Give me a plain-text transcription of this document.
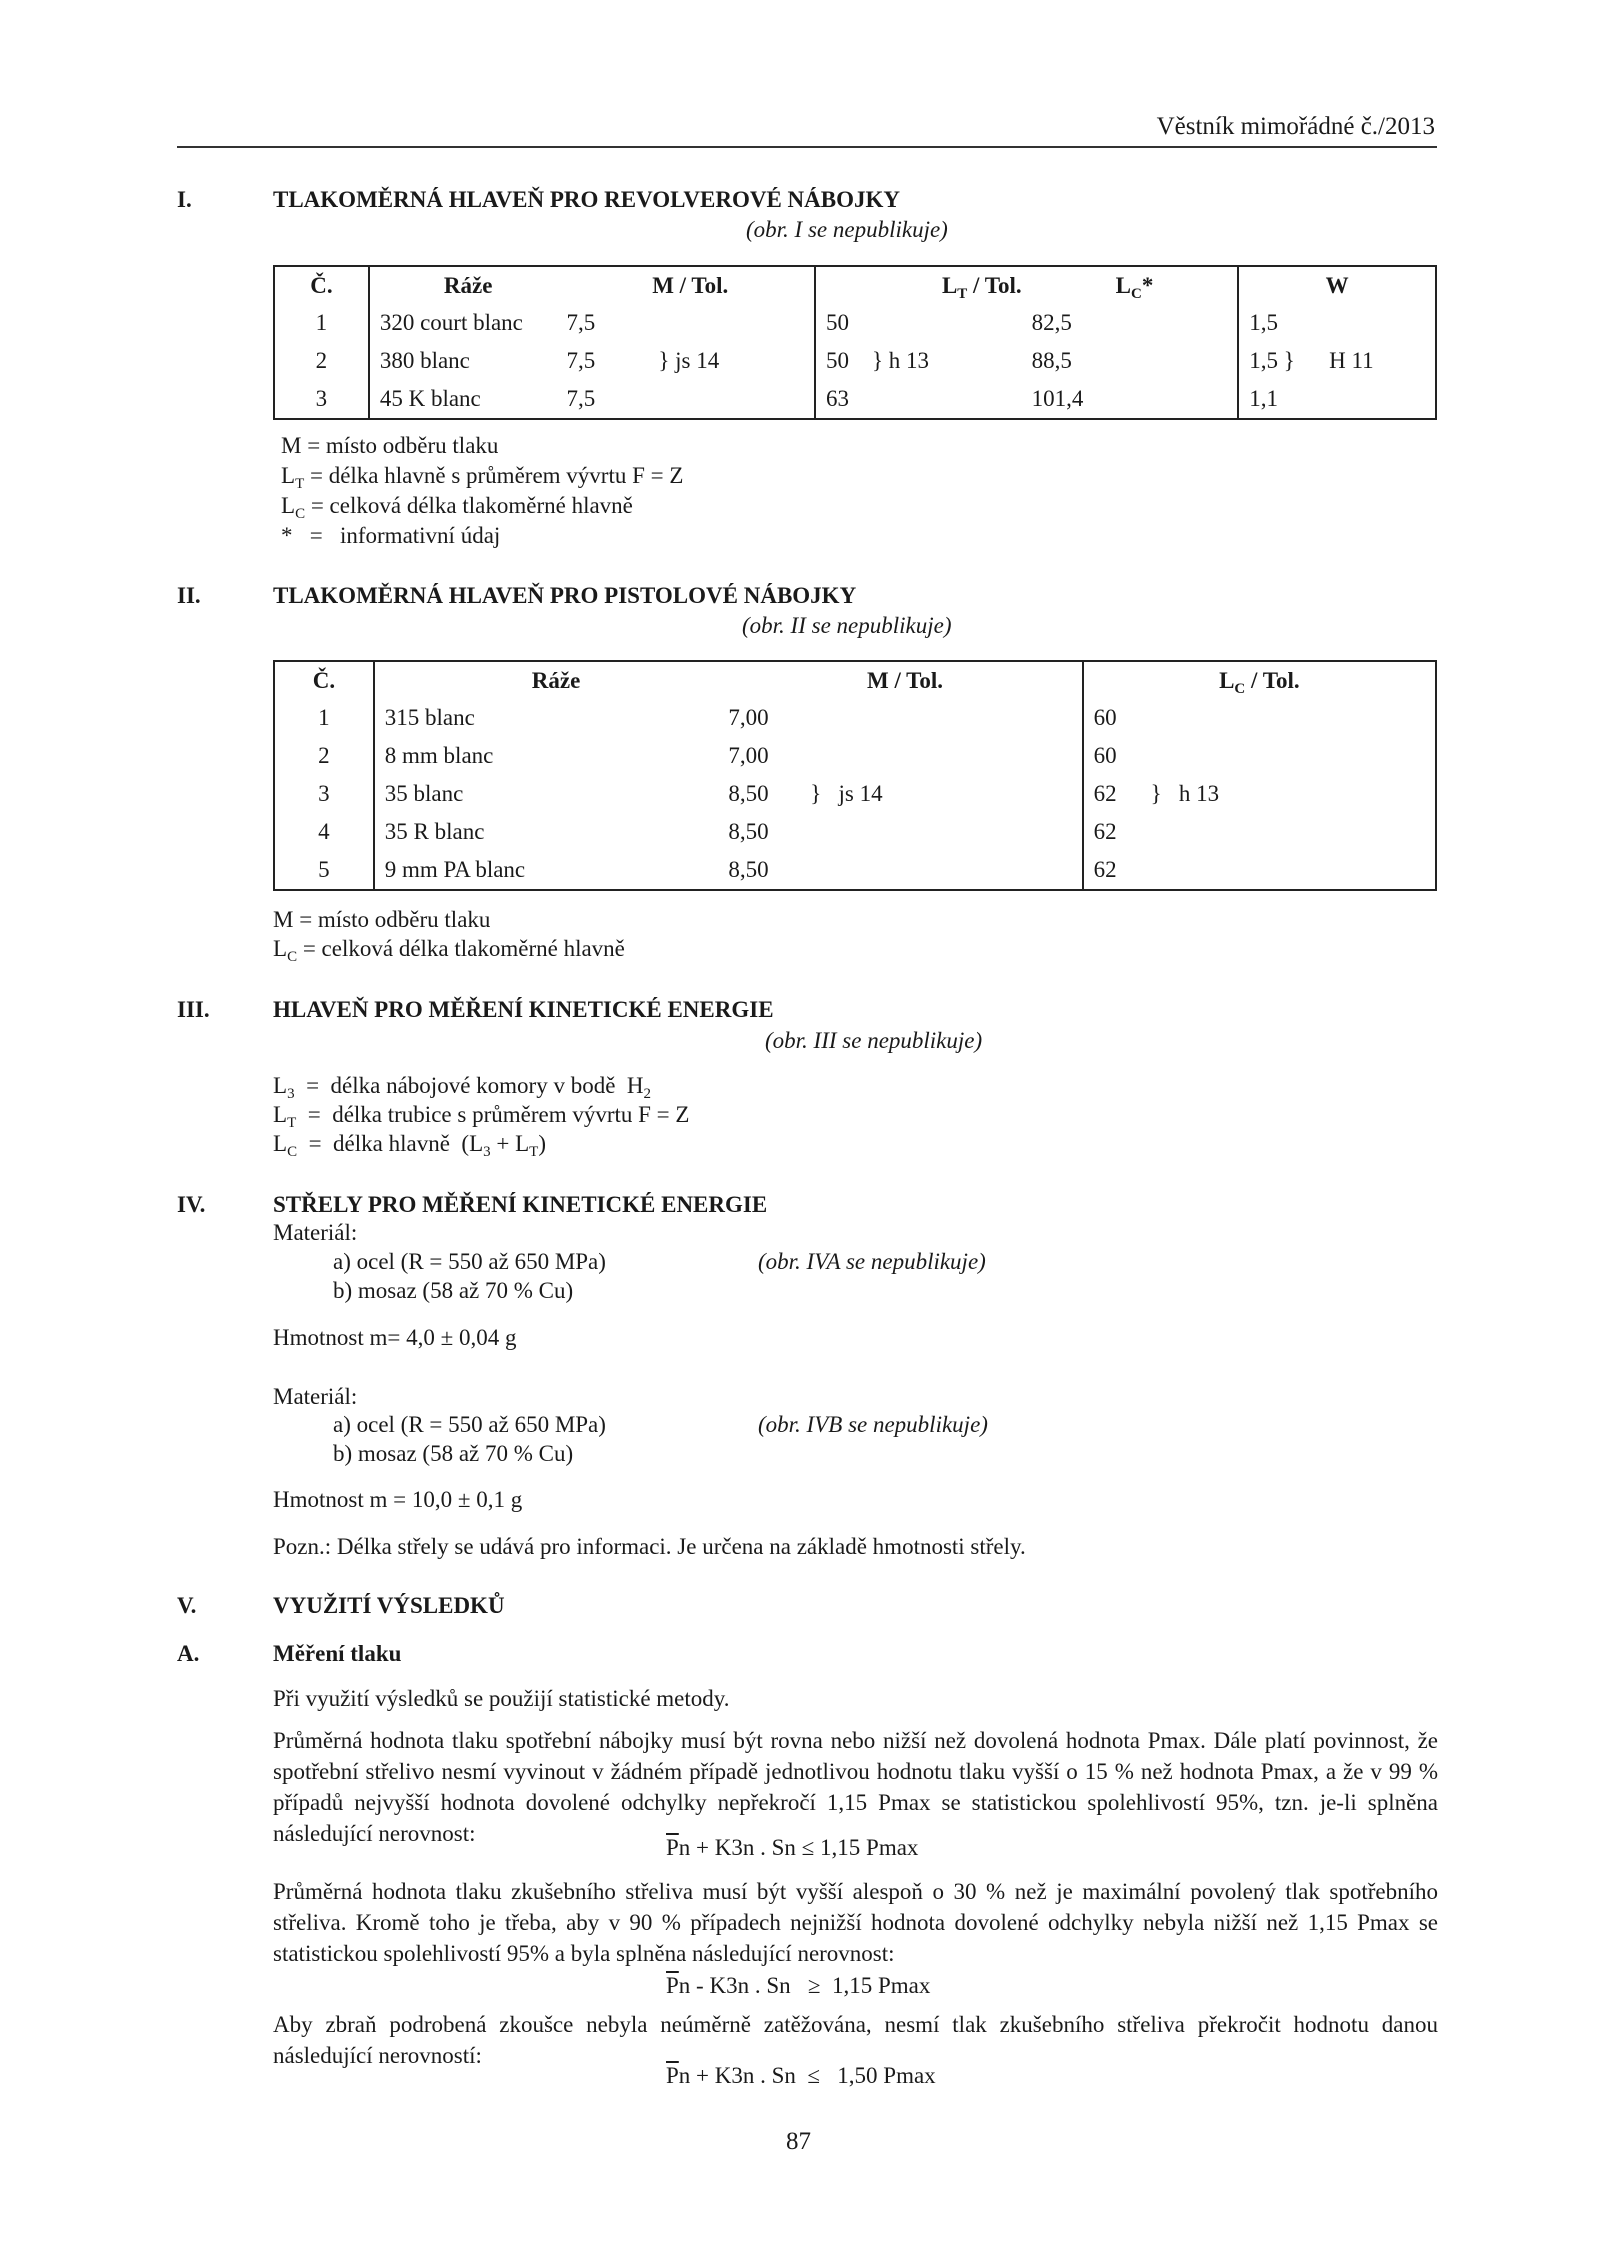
Věstník mimořádné č./2013
I.	TLAKOMĚRNÁ HLAVEŇ PRO REVOLVEROVÉ NÁBOJKY
(obr. I se nepublikuje)
Č.	Ráže	M / Tol.		$L_T$ / Tol.	$L_C*$	W	
1	320 court blanc	7,5		50	82,5	1,5	
2	380 blanc	7,5	} js 14	50 } h 13	88,5	1,5 }	H 11
3	45 K blanc	7,5		63	101,4	1,1	
M = místo odběru tlaku
$L_T$ = délka hlavně s průměrem vývrtu F = Z
$L_C$ = celková délka tlakoměrné hlavně
*   =   informativní údaj
II.	TLAKOMĚRNÁ HLAVEŇ PRO PISTOLOVÉ NÁBOJKY
(obr. II se nepublikuje)
Č.	Ráže	M / Tol.		$L_C$ / Tol.	
1	315 blanc	7,00		60	
2	8 mm blanc	7,00		60	
3	35 blanc	8,50	}   js 14	62	}   h 13
4	35 R blanc	8,50		62	
5	9 mm PA blanc	8,50		62	
M = místo odběru tlaku
$L_C$ = celková délka tlakoměrné hlavně
III.	HLAVEŇ PRO MĚŘENÍ KINETICKÉ ENERGIE
(obr. III se nepublikuje)
$L_3$  =  délka nábojové komory v bodě  $H_2$
$L_T$  =  délka trubice s průměrem vývrtu F = Z
$L_C$  =  délka hlavně  $(L_3 + L_T)$
IV.	STŘELY PRO MĚŘENÍ KINETICKÉ ENERGIE
Materiál:
a) ocel (R = 550 až 650 MPa)	(obr. IVA se nepublikuje)
b) mosaz (58 až 70 % Cu)
Hmotnost m= 4,0 ± 0,04 g
Materiál:
a) ocel (R = 550 až 650 MPa)	(obr. IVB se nepublikuje)
b) mosaz (58 až 70 % Cu)
Hmotnost m = 10,0 ± 0,1 g
Pozn.: Délka střely se udává pro informaci. Je určena na základě hmotnosti střely.
V.	VYUŽITÍ VÝSLEDKŮ
A.	Měření tlaku
Při využití výsledků se použijí statistické metody.
Průměrná hodnota tlaku spotřební nábojky musí být rovna nebo nižší než dovolená hodnota Pmax. Dále platí povinnost, že spotřební střelivo nesmí vyvinout v žádném případě jednotlivou hodnotu tlaku vyšší o 15 % než hodnota Pmax, a že v 99 % případů nejvyšší hodnota dovolené odchylky nepřekročí 1,15 Pmax se statistickou spolehlivostí 95%, tzn. je-li splněna následující nerovnost:
$\overline{P}n + K3n$ . Sn ≤ 1,15 Pmax
Průměrná hodnota tlaku zkušebního střeliva musí být vyšší alespoň o 30 % než je maximální povolený tlak spotřebního střeliva. Kromě toho je třeba, aby v 90 % případech nejnižší hodnota dovolené odchylky nebyla nižší než 1,15 Pmax se statistickou spolehlivostí 95% a byla splněna následující nerovnost:
$\overline{P}n - K3n$ . Sn   ≥  1,15 Pmax
Aby zbraň podrobená zkoušce nebyla neúměrně zatěžována, nesmí tlak zkušebního střeliva překročit hodnotu danou následující nerovností:
$\overline{P}n + K3n$ . Sn  ≤   1,50 Pmax
87
